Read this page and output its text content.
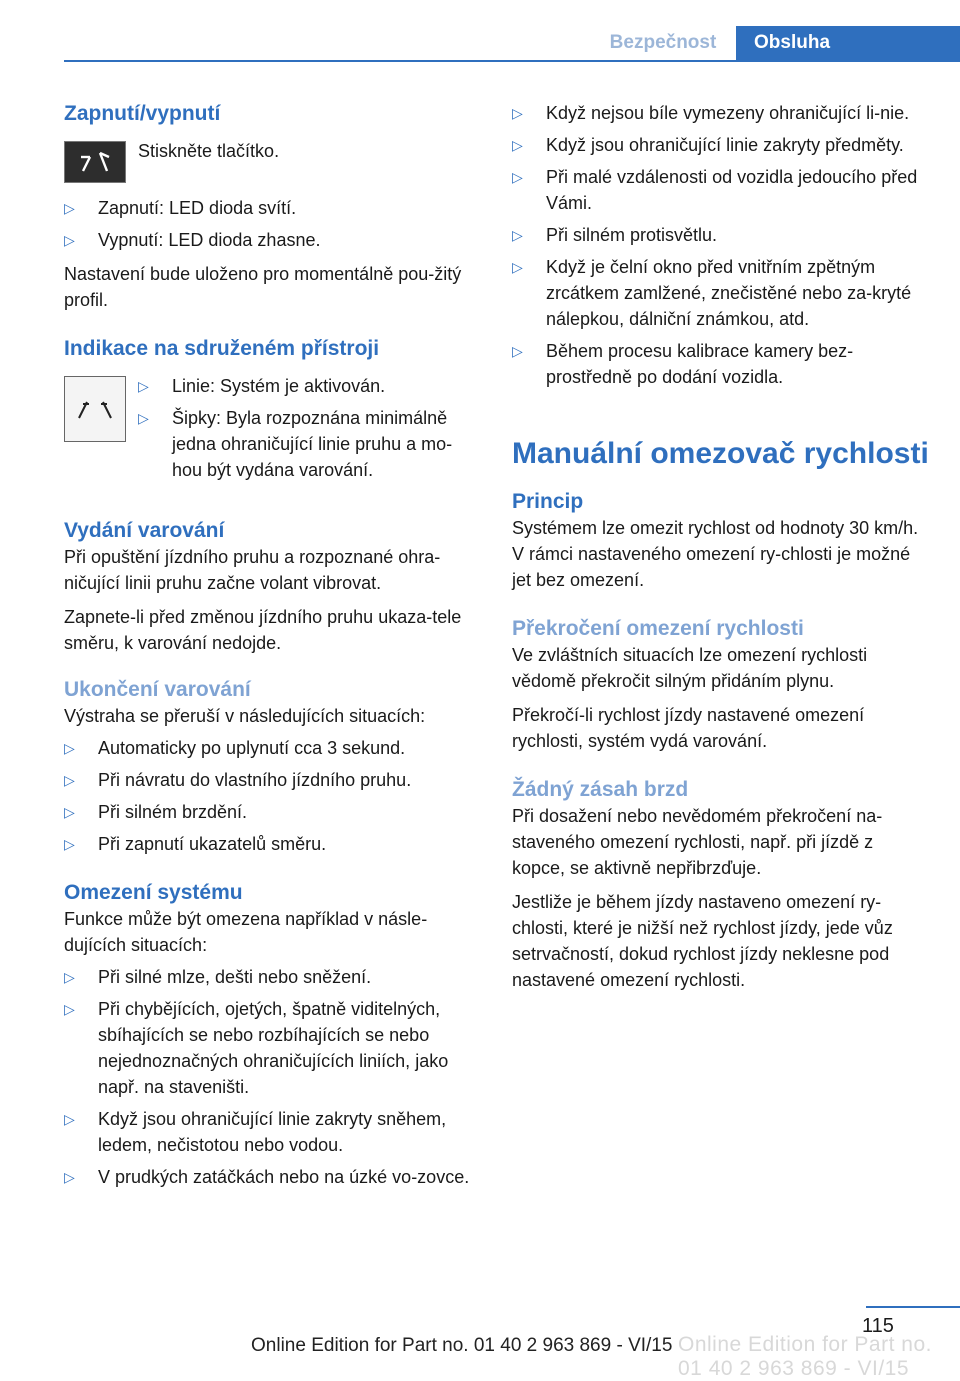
Bezpečnost	Obsluha
Zapnutí/vypnutí

Stiskněte tlačítko.

▷ Zapnutí: LED dioda svítí.
▷ Vypnutí: LED dioda zhasne.

Nastavení bude uloženo pro momentálně pou‐žitý profil.

Indikace na sdruženém přístroji
▷ Linie: Systém je aktivován.
▷ Šipky: Byla rozpoznána minimálně jedna ohraničující linie pruhu a mo‐hou být vydána varování.
Vydání varování

Při opuštění jízdního pruhu a rozpoznané ohra‐ničující linii pruhu začne volant vibrovat.

Zapnete-li před změnou jízdního pruhu ukaza‐tele směru, k varování nedojde.

Ukončení varování

Výstraha se přeruší v následujících situacích:

▷ Automaticky po uplynutí cca 3 sekund.
▷ Při návratu do vlastního jízdního pruhu.
▷ Při silném brzdění.
▷ Při zapnutí ukazatelů směru.
Omezení systému

Funkce může být omezena například v násle‐dujících situacích:

▷ Při silné mlze, dešti nebo sněžení.
▷ Při chybějících, ojetých, špatně viditelných, sbíhajících se nebo rozbíhajících se nebo nejednoznačných ohraničujících liniích, jako např. na staveništi.
▷ Když jsou ohraničující linie zakryty sněhem, ledem, nečistotou nebo vodou.
▷ V prudkých zatáčkách nebo na úzké vo‐zovce.
▷ Když nejsou bíle vymezeny ohraničující li‐nie.
▷ Když jsou ohraničující linie zakryty předměty.
▷ Při malé vzdálenosti od vozidla jedoucího před Vámi.
▷ Při silném protisvětlu.
▷ Když je čelní okno před vnitřním zpětným zrcátkem zamlžené, znečistěné nebo za‐kryté nálepkou, dálniční známkou, atd.
▷ Během procesu kalibrace kamery bez‐prostředně po dodání vozidla.
Manuální omezovač rychlosti
Princip

Systémem lze omezit rychlost od hodnoty 30 km/h. V rámci nastaveného omezení ry‐chlosti je možné jet bez omezení.

Překročení omezení rychlosti

Ve zvláštních situacích lze omezení rychlosti vědomě překročit silným přidáním plynu.

Překročí-li rychlost jízdy nastavené omezení rychlosti, systém vydá varování.

Žádný zásah brzd

Při dosažení nebo nevědomém překročení na‐staveného omezení rychlosti, např. při jízdě z kopce, se aktivně nepřibrzďuje.

Jestliže je během jízdy nastaveno omezení ry‐chlosti, které je nižší než rychlost jízdy, jede vůz setrvačností, dokud rychlost jízdy neklesne pod nastavené omezení rychlosti.

115
Online Edition for Part no. 01 40 2 963 869 - VI/15 Online Edition for Part no. 01 40 2 963 869 - VI/15
